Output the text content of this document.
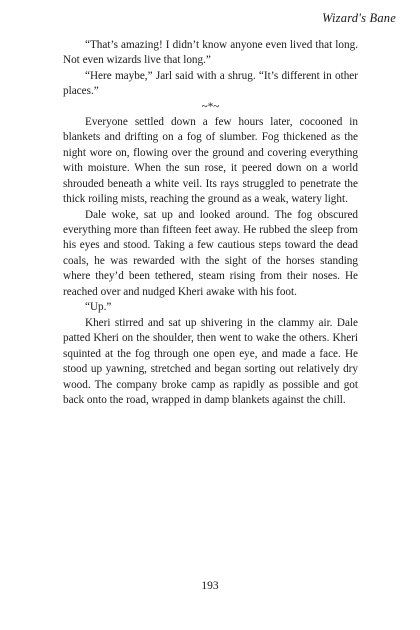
Wizard's Bane

“That’s amazing! I didn’t know anyone even lived that long. Not even wizards live that long.”

“Here maybe,” Jarl said with a shrug. “It’s different in other places.”

~*~

Everyone settled down a few hours later, cocooned in blankets and drifting on a fog of slumber. Fog thickened as the night wore on, flowing over the ground and covering everything with moisture. When the sun rose, it peered down on a world shrouded beneath a white veil. Its rays struggled to penetrate the thick roiling mists, reaching the ground as a weak, watery light.

Dale woke, sat up and looked around. The fog obscured everything more than fifteen feet away. He rubbed the sleep from his eyes and stood. Taking a few cautious steps toward the dead coals, he was rewarded with the sight of the horses standing where they’d been tethered, steam rising from their noses. He reached over and nudged Kheri awake with his foot.

“Up.”

Kheri stirred and sat up shivering in the clammy air. Dale patted Kheri on the shoulder, then went to wake the others. Kheri squinted at the fog through one open eye, and made a face. He stood up yawning, stretched and began sorting out relatively dry wood. The company broke camp as rapidly as possible and got back onto the road, wrapped in damp blankets against the chill.

193
